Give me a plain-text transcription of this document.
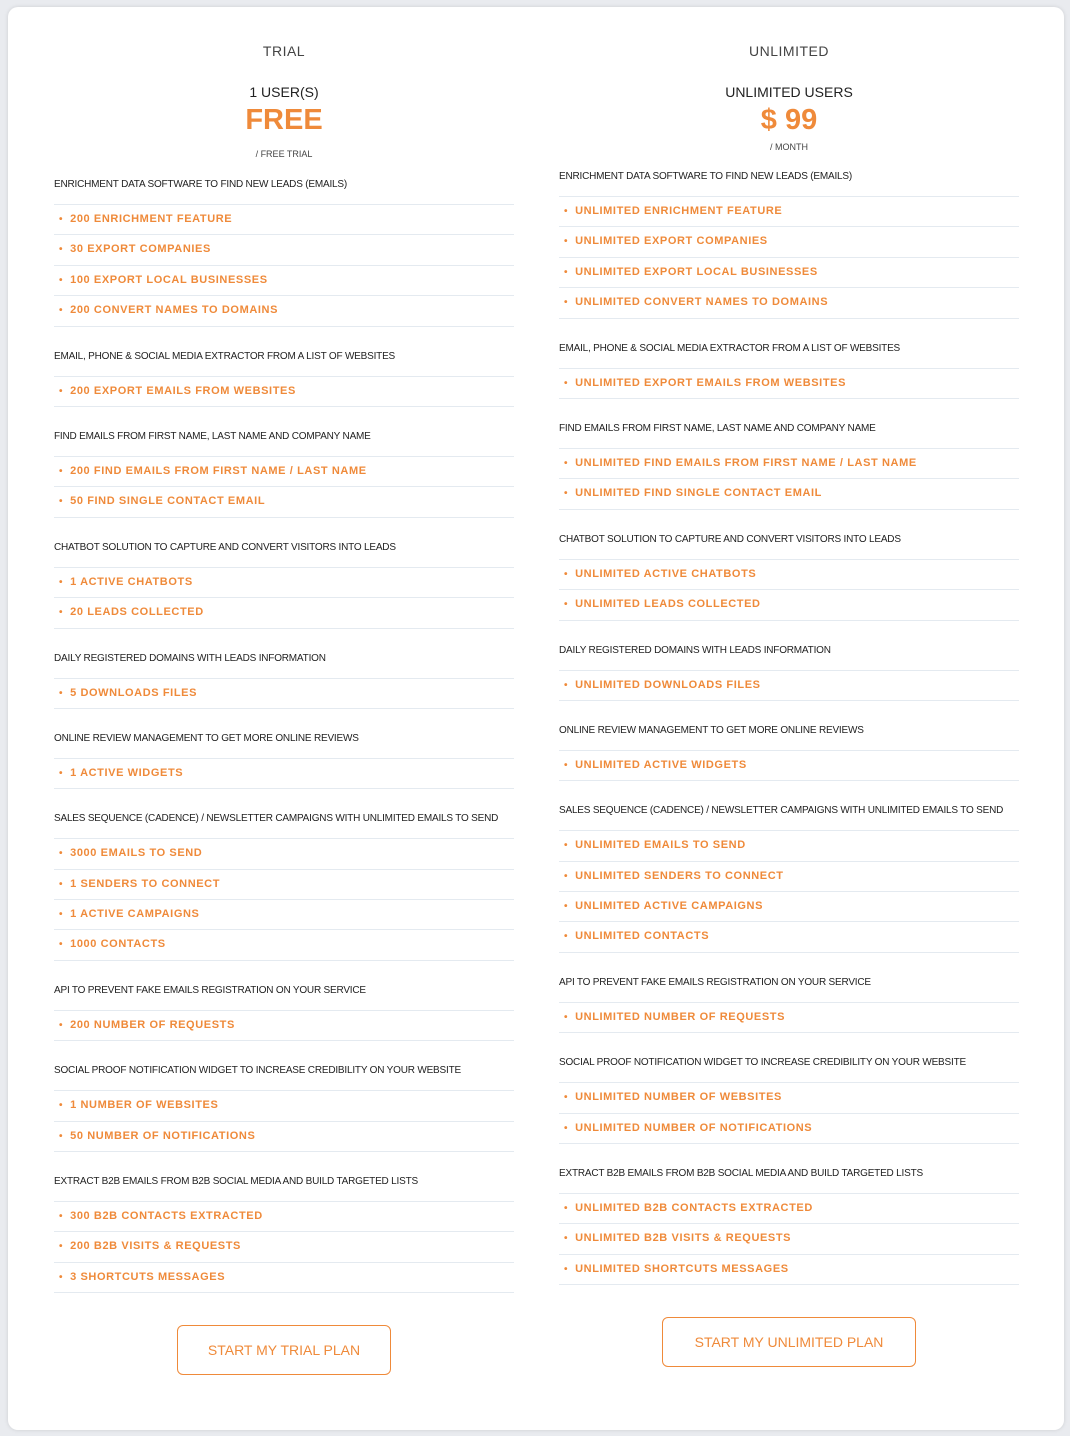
TRIAL
1 USER(S)
FREE
/ FREE TRIAL
ENRICHMENT DATA SOFTWARE TO FIND NEW LEADS (EMAILS)
• 200 ENRICHMENT FEATURE
• 30 EXPORT COMPANIES
• 100 EXPORT LOCAL BUSINESSES
• 200 CONVERT NAMES TO DOMAINS
EMAIL, PHONE & SOCIAL MEDIA EXTRACTOR FROM A LIST OF WEBSITES
• 200 EXPORT EMAILS FROM WEBSITES
FIND EMAILS FROM FIRST NAME, LAST NAME AND COMPANY NAME
• 200 FIND EMAILS FROM FIRST NAME / LAST NAME
• 50 FIND SINGLE CONTACT EMAIL
CHATBOT SOLUTION TO CAPTURE AND CONVERT VISITORS INTO LEADS
• 1 ACTIVE CHATBOTS
• 20 LEADS COLLECTED
DAILY REGISTERED DOMAINS WITH LEADS INFORMATION
• 5 DOWNLOADS FILES
ONLINE REVIEW MANAGEMENT TO GET MORE ONLINE REVIEWS
• 1 ACTIVE WIDGETS
SALES SEQUENCE (CADENCE) / NEWSLETTER CAMPAIGNS WITH UNLIMITED EMAILS TO SEND
• 3000 EMAILS TO SEND
• 1 SENDERS TO CONNECT
• 1 ACTIVE CAMPAIGNS
• 1000 CONTACTS
API TO PREVENT FAKE EMAILS REGISTRATION ON YOUR SERVICE
• 200 NUMBER OF REQUESTS
SOCIAL PROOF NOTIFICATION WIDGET TO INCREASE CREDIBILITY ON YOUR WEBSITE
• 1 NUMBER OF WEBSITES
• 50 NUMBER OF NOTIFICATIONS
EXTRACT B2B EMAILS FROM B2B SOCIAL MEDIA AND BUILD TARGETED LISTS
• 300 B2B CONTACTS EXTRACTED
• 200 B2B VISITS & REQUESTS
• 3 SHORTCUTS MESSAGES
START MY TRIAL PLAN
UNLIMITED
UNLIMITED USERS
$ 99
/ MONTH
ENRICHMENT DATA SOFTWARE TO FIND NEW LEADS (EMAILS)
• UNLIMITED ENRICHMENT FEATURE
• UNLIMITED EXPORT COMPANIES
• UNLIMITED EXPORT LOCAL BUSINESSES
• UNLIMITED CONVERT NAMES TO DOMAINS
EMAIL, PHONE & SOCIAL MEDIA EXTRACTOR FROM A LIST OF WEBSITES
• UNLIMITED EXPORT EMAILS FROM WEBSITES
FIND EMAILS FROM FIRST NAME, LAST NAME AND COMPANY NAME
• UNLIMITED FIND EMAILS FROM FIRST NAME / LAST NAME
• UNLIMITED FIND SINGLE CONTACT EMAIL
CHATBOT SOLUTION TO CAPTURE AND CONVERT VISITORS INTO LEADS
• UNLIMITED ACTIVE CHATBOTS
• UNLIMITED LEADS COLLECTED
DAILY REGISTERED DOMAINS WITH LEADS INFORMATION
• UNLIMITED DOWNLOADS FILES
ONLINE REVIEW MANAGEMENT TO GET MORE ONLINE REVIEWS
• UNLIMITED ACTIVE WIDGETS
SALES SEQUENCE (CADENCE) / NEWSLETTER CAMPAIGNS WITH UNLIMITED EMAILS TO SEND
• UNLIMITED EMAILS TO SEND
• UNLIMITED SENDERS TO CONNECT
• UNLIMITED ACTIVE CAMPAIGNS
• UNLIMITED CONTACTS
API TO PREVENT FAKE EMAILS REGISTRATION ON YOUR SERVICE
• UNLIMITED NUMBER OF REQUESTS
SOCIAL PROOF NOTIFICATION WIDGET TO INCREASE CREDIBILITY ON YOUR WEBSITE
• UNLIMITED NUMBER OF WEBSITES
• UNLIMITED NUMBER OF NOTIFICATIONS
EXTRACT B2B EMAILS FROM B2B SOCIAL MEDIA AND BUILD TARGETED LISTS
• UNLIMITED B2B CONTACTS EXTRACTED
• UNLIMITED B2B VISITS & REQUESTS
• UNLIMITED SHORTCUTS MESSAGES
START MY UNLIMITED PLAN
